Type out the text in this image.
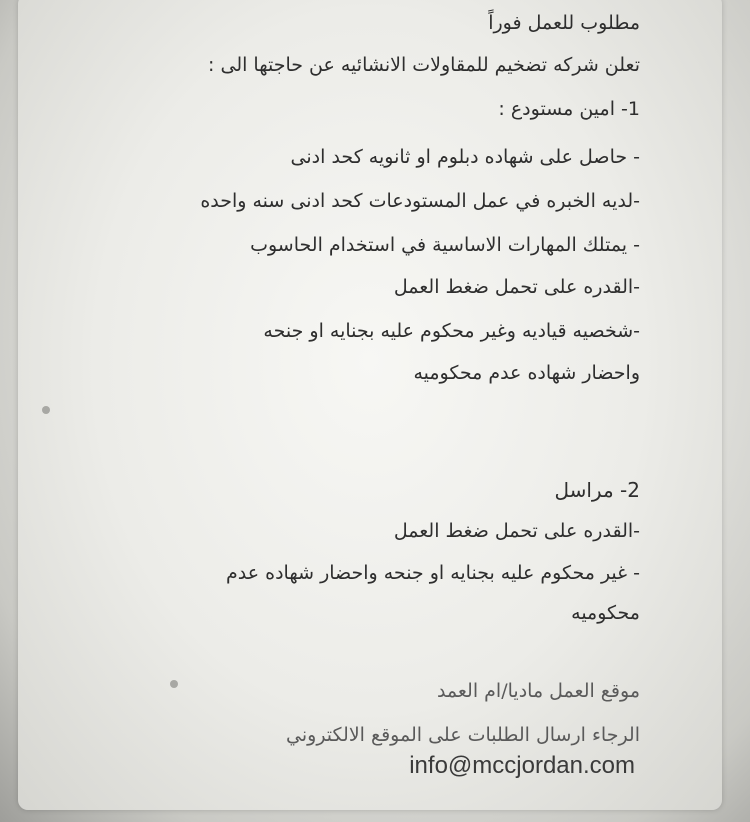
مطلوب للعمل فوراً
تعلن شركه تضخيم للمقاولات الانشائيه عن حاجتها الى :
1- امين مستودع :
- حاصل على شهاده دبلوم او ثانويه كحد ادنى
-لديه الخبره في عمل المستودعات كحد ادنى سنه واحده
- يمتلك المهارات الاساسية في استخدام الحاسوب
-القدره على تحمل ضغط العمل
-شخصيه قياديه وغير محكوم عليه بجنايه او جنحه
واحضار شهاده عدم محكوميه
2- مراسل
-القدره على تحمل ضغط العمل
- غير محكوم عليه بجنايه او جنحه واحضار شهاده عدم
محكوميه
موقع العمل ماديا/ام العمد
الرجاء ارسال الطلبات على الموقع الالكتروني
info@mccjordan.com
